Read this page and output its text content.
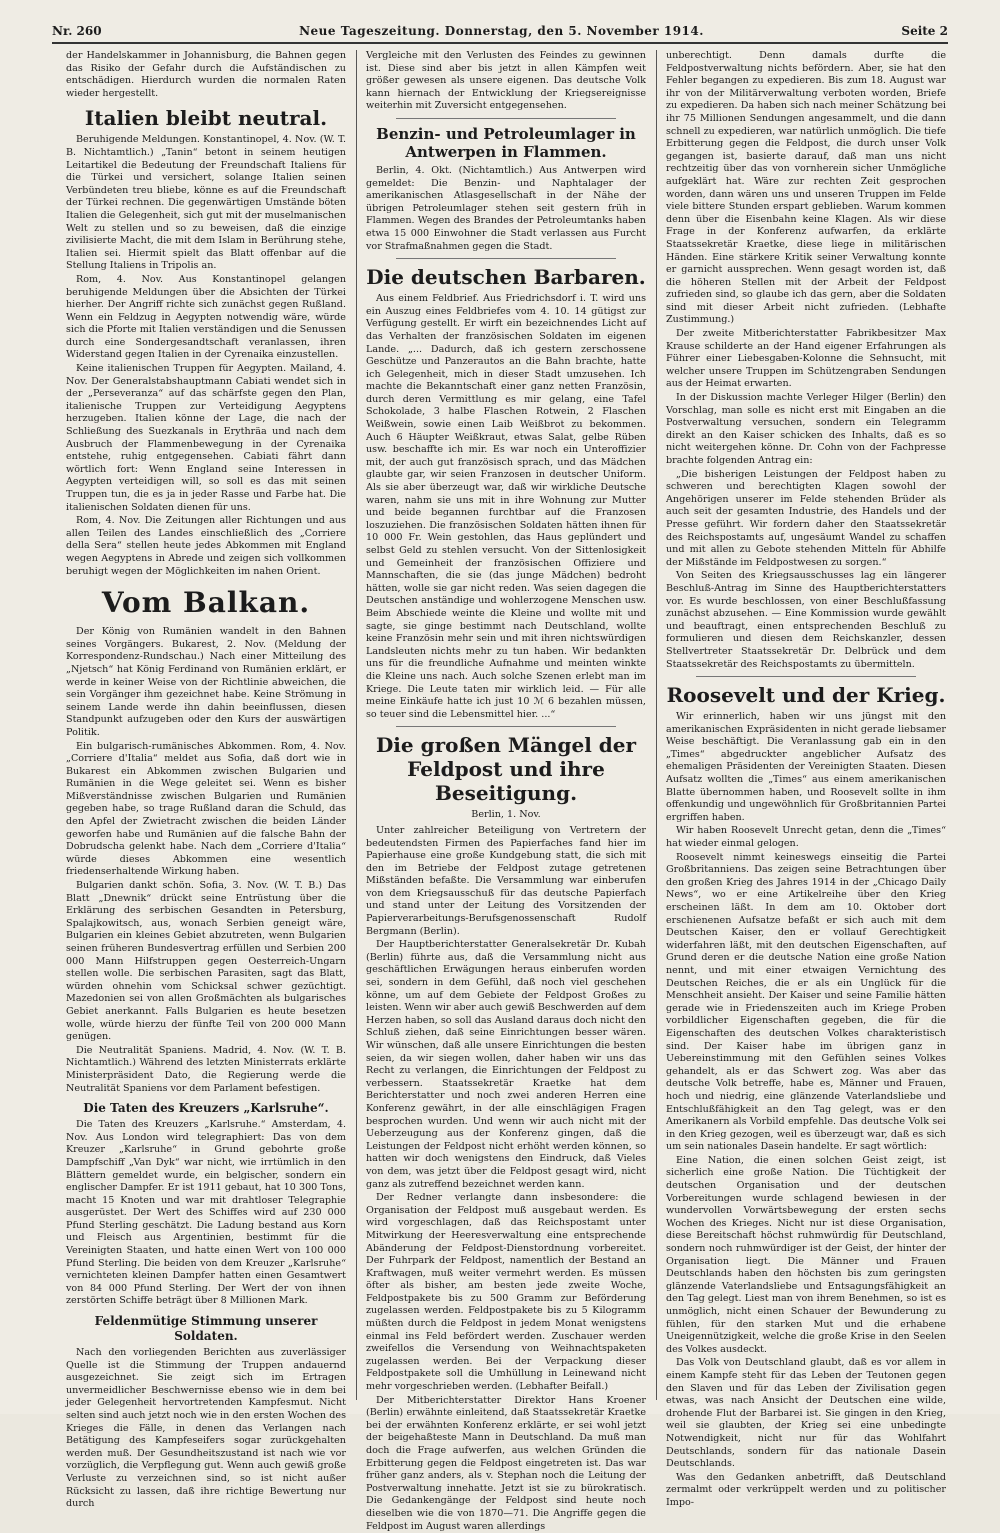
Nr. 260	Neue Tageszeitung. Donnerstag, den 5. November 1914.	Seite 2

der Handelskammer in Johannisburg, die Bahnen gegen das Risiko der Gefahr durch die Aufständischen zu entschädigen. Hierdurch wurden die normalen Raten wieder hergestellt.

Italien bleibt neutral.

Beruhigende Meldungen. Konstantinopel, 4. Nov. (W. T. B. Nichtamtlich.) „Tanin“ betont in seinem heutigen Leitartikel die Bedeutung der Freundschaft Italiens für die Türkei und versichert, solange Italien seinen Verbündeten treu bliebe, könne es auf die Freundschaft der Türkei rechnen. Die gegenwärtigen Umstände böten Italien die Gelegenheit, sich gut mit der muselmanischen Welt zu stellen und so zu beweisen, daß die einzige zivilisierte Macht, die mit dem Islam in Berührung stehe, Italien sei. Hiermit spielt das Blatt offenbar auf die Stellung Italiens in Tripolis an.

Rom, 4. Nov. Aus Konstantinopel gelangen beruhigende Meldungen über die Absichten der Türkei hierher. Der Angriff richte sich zunächst gegen Rußland. Wenn ein Feldzug in Aegypten notwendig wäre, würde sich die Pforte mit Italien verständigen und die Senussen durch eine Sondergesandtschaft veranlassen, ihren Widerstand gegen Italien in der Cyrenaika einzustellen.

Keine italienischen Truppen für Aegypten. Mailand, 4. Nov. Der Generalstabshauptmann Cabiati wendet sich in der „Perseveranza“ auf das schärfste gegen den Plan, italienische Truppen zur Verteidigung Aegyptens herzugeben. Italien könne der Lage, die nach der Schließung des Suezkanals in Erythräa und nach dem Ausbruch der Flammenbewegung in der Cyrenaika entstehe, ruhig entgegensehen. Cabiati fährt dann wörtlich fort: Wenn England seine Interessen in Aegypten verteidigen will, so soll es das mit seinen Truppen tun, die es ja in jeder Rasse und Farbe hat. Die italienischen Soldaten dienen für uns.

Rom, 4. Nov. Die Zeitungen aller Richtungen und aus allen Teilen des Landes einschließlich des „Corriere della Sera“ stellen heute jedes Abkommen mit England wegen Aegyptens in Abrede und zeigen sich vollkommen beruhigt wegen der Möglichkeiten im nahen Orient.

Vom Balkan.

Der König von Rumänien wandelt in den Bahnen seines Vorgängers. Bukarest, 2. Nov. (Meldung der Korrespondenz-Rundschau.) Nach einer Mitteilung des „Njetsch“ hat König Ferdinand von Rumänien erklärt, er werde in keiner Weise von der Richtlinie abweichen, die sein Vorgänger ihm gezeichnet habe. Keine Strömung in seinem Lande werde ihn dahin beeinflussen, diesen Standpunkt aufzugeben oder den Kurs der auswärtigen Politik.

Ein bulgarisch-rumänisches Abkommen. Rom, 4. Nov. „Corriere d'Italia“ meldet aus Sofia, daß dort wie in Bukarest ein Abkommen zwischen Bulgarien und Rumänien in die Wege geleitet sei. Wenn es bisher Mißverständnisse zwischen Bulgarien und Rumänien gegeben habe, so trage Rußland daran die Schuld, das den Apfel der Zwietracht zwischen die beiden Länder geworfen habe und Rumänien auf die falsche Bahn der Dobrudscha gelenkt habe. Nach dem „Corriere d'Italia“ würde dieses Abkommen eine wesentlich friedenserhaltende Wirkung haben.

Bulgarien dankt schön. Sofia, 3. Nov. (W. T. B.) Das Blatt „Dnewnik“ drückt seine Entrüstung über die Erklärung des serbischen Gesandten in Petersburg, Spalajkowitsch, aus, wonach Serbien geneigt wäre, Bulgarien ein kleines Gebiet abzutreten, wenn Bulgarien seinen früheren Bundesvertrag erfüllen und Serbien 200 000 Mann Hilfstruppen gegen Oesterreich-Ungarn stellen wolle. Die serbischen Parasiten, sagt das Blatt, würden ohnehin vom Schicksal schwer gezüchtigt. Mazedonien sei von allen Großmächten als bulgarisches Gebiet anerkannt. Falls Bulgarien es heute besetzen wolle, würde hierzu der fünfte Teil von 200 000 Mann genügen.

Die Neutralität Spaniens. Madrid, 4. Nov. (W. T. B. Nichtamtlich.) Während des letzten Ministerrats erklärte Ministerpräsident Dato, die Regierung werde die Neutralität Spaniens vor dem Parlament befestigen.

Die Taten des Kreuzers „Karlsruhe“.

Die Taten des Kreuzers „Karlsruhe.“ Amsterdam, 4. Nov. Aus London wird telegraphiert: Das von dem Kreuzer „Karlsruhe“ in Grund gebohrte große Dampfschiff „Van Dyk“ war nicht, wie irrtümlich in den Blättern gemeldet wurde, ein belgischer, sondern ein englischer Dampfer. Er ist 1911 gebaut, hat 10 300 Tons, macht 15 Knoten und war mit drahtloser Telegraphie ausgerüstet. Der Wert des Schiffes wird auf 230 000 Pfund Sterling geschätzt. Die Ladung bestand aus Korn und Fleisch aus Argentinien, bestimmt für die Vereinigten Staaten, und hatte einen Wert von 100 000 Pfund Sterling. Die beiden von dem Kreuzer „Karlsruhe“ vernichteten kleinen Dampfer hatten einen Gesamtwert von 84 000 Pfund Sterling. Der Wert der von ihnen zerstörten Schiffe beträgt über 8 Millionen Mark.

Feldenmütige Stimmung unserer Soldaten.

Nach den vorliegenden Berichten aus zuverlässiger Quelle ist die Stimmung der Truppen andauernd ausgezeichnet. Sie zeigt sich im Ertragen unvermeidlicher Beschwernisse ebenso wie in dem bei jeder Gelegenheit hervortretenden Kampfesmut. Nicht selten sind auch jetzt noch wie in den ersten Wochen des Krieges die Fälle, in denen das Verlangen nach Betätigung des Kampfeseifers sogar zurückgehalten werden muß. Der Gesundheitszustand ist nach wie vor vorzüglich, die Verpflegung gut. Wenn auch gewiß große Verluste zu verzeichnen sind, so ist nicht außer Rücksicht zu lassen, daß ihre richtige Bewertung nur durch

Vergleiche mit den Verlusten des Feindes zu gewinnen ist. Diese sind aber bis jetzt in allen Kämpfen weit größer gewesen als unsere eigenen. Das deutsche Volk kann hiernach der Entwicklung der Kriegsereignisse weiterhin mit Zuversicht entgegensehen.

Benzin- und Petroleumlager in Antwerpen in Flammen.

Berlin, 4. Okt. (Nichtamtlich.) Aus Antwerpen wird gemeldet: Die Benzin- und Naphtalager der amerikanischen Atlasgesellschaft in der Nähe der übrigen Petroleumlager stehen seit gestern früh in Flammen. Wegen des Brandes der Petroleumtanks haben etwa 15 000 Einwohner die Stadt verlassen aus Furcht vor Strafmaßnahmen gegen die Stadt.

Die deutschen Barbaren.

Aus einem Feldbrief. Aus Friedrichsdorf i. T. wird uns ein Auszug eines Feldbriefes vom 4. 10. 14 gütigst zur Verfügung gestellt. Er wirft ein bezeichnendes Licht auf das Verhalten der französischen Soldaten im eigenen Lande. „... Dadurch, daß ich gestern zerschossene Geschütze und Panzerautos an die Bahn brachte, hatte ich Gelegenheit, mich in dieser Stadt umzusehen. Ich machte die Bekanntschaft einer ganz netten Französin, durch deren Vermittlung es mir gelang, eine Tafel Schokolade, 3 halbe Flaschen Rotwein, 2 Flaschen Weißwein, sowie einen Laib Weißbrot zu bekommen. Auch 6 Häupter Weißkraut, etwas Salat, gelbe Rüben usw. beschaffte ich mir. Es war noch ein Unteroffizier mit, der auch gut französisch sprach, und das Mädchen glaubte gar, wir seien Franzosen in deutscher Uniform. Als sie aber überzeugt war, daß wir wirkliche Deutsche waren, nahm sie uns mit in ihre Wohnung zur Mutter und beide begannen furchtbar auf die Franzosen loszuziehen. Die französischen Soldaten hätten ihnen für 10 000 Fr. Wein gestohlen, das Haus geplündert und selbst Geld zu stehlen versucht. Von der Sittenlosigkeit und Gemeinheit der französischen Offiziere und Mannschaften, die sie (das junge Mädchen) bedroht hätten, wolle sie gar nicht reden. Was seien dagegen die Deutschen anständige und wohlerzogene Menschen usw. Beim Abschiede weinte die Kleine und wollte mit und sagte, sie ginge bestimmt nach Deutschland, wollte keine Französin mehr sein und mit ihren nichtswürdigen Landsleuten nichts mehr zu tun haben. Wir bedankten uns für die freundliche Aufnahme und meinten winkte die Kleine uns nach. Auch solche Szenen erlebt man im Kriege. Die Leute taten mir wirklich leid. — Für alle meine Einkäufe hatte ich just 10 ℳ 6 bezahlen müssen, so teuer sind die Lebensmittel hier. ...“

Die großen Mängel der Feldpost und ihre Beseitigung.
Berlin, 1. Nov.

Unter zahlreicher Beteiligung von Vertretern der bedeutendsten Firmen des Papierfaches fand hier im Papierhause eine große Kundgebung statt, die sich mit den im Betriebe der Feldpost zutage getretenen Mißständen befaßte. Die Versammlung war einberufen von dem Kriegsausschuß für das deutsche Papierfach und stand unter der Leitung des Vorsitzenden der Papierverarbeitungs-Berufsgenossenschaft Rudolf Bergmann (Berlin).

Der Hauptberichterstatter Generalsekretär Dr. Kubah (Berlin) führte aus, daß die Versammlung nicht aus geschäftlichen Erwägungen heraus einberufen worden sei, sondern in dem Gefühl, daß noch viel geschehen könne, um auf dem Gebiete der Feldpost Großes zu leisten. Wenn wir aber auch gewiß Beschwerden auf dem Herzen haben, so soll das Ausland daraus doch nicht den Schluß ziehen, daß seine Einrichtungen besser wären. Wir wünschen, daß alle unsere Einrichtungen die besten seien, da wir siegen wollen, daher haben wir uns das Recht zu verlangen, die Einrichtungen der Feldpost zu verbessern. Staatssekretär Kraetke hat dem Berichterstatter und noch zwei anderen Herren eine Konferenz gewährt, in der alle einschlägigen Fragen besprochen wurden. Und wenn wir auch nicht mit der Ueberzeugung aus der Konferenz gingen, daß die Leistungen der Feldpost nicht erhöht werden können, so hatten wir doch wenigstens den Eindruck, daß Vieles von dem, was jetzt über die Feldpost gesagt wird, nicht ganz als zutreffend bezeichnet werden kann.

Der Redner verlangte dann insbesondere: die Organisation der Feldpost muß ausgebaut werden. Es wird vorgeschlagen, daß das Reichspostamt unter Mitwirkung der Heeresverwaltung eine entsprechende Abänderung der Feldpost-Dienstordnung vorbereitet. Der Fuhrpark der Feldpost, namentlich der Bestand an Kraftwagen, muß weiter vermehrt werden. Es müssen öfter als bisher, am besten jede zweite Woche, Feldpostpakete bis zu 500 Gramm zur Beförderung zugelassen werden. Feldpostpakete bis zu 5 Kilogramm müßten durch die Feldpost in jedem Monat wenigstens einmal ins Feld befördert werden. Zuschauer werden zweifellos die Versendung von Weihnachtspaketen zugelassen werden. Bei der Verpackung dieser Feldpostpakete soll die Umhüllung in Leinewand nicht mehr vorgeschrieben werden. (Lebhafter Beifall.)

Der Mitberichterstatter Direktor Hans Kroener (Berlin) erwähnte einleitend, daß Staatssekretär Kraetke bei der erwähnten Konferenz erklärte, er sei wohl jetzt der beigehaßteste Mann in Deutschland. Da muß man doch die Frage aufwerfen, aus welchen Gründen die Erbitterung gegen die Feldpost eingetreten ist. Das war früher ganz anders, als v. Stephan noch die Leitung der Postverwaltung innehatte. Jetzt ist sie zu bürokratisch. Die Gedankengänge der Feldpost sind heute noch dieselben wie die von 1870—71. Die Angriffe gegen die Feldpost im August waren allerdings

unberechtigt. Denn damals durfte die Feldpostverwaltung nichts befördern. Aber, sie hat den Fehler begangen zu expedieren. Bis zum 18. August war ihr von der Militärverwaltung verboten worden, Briefe zu expedieren. Da haben sich nach meiner Schätzung bei ihr 75 Millionen Sendungen angesammelt, und die dann schnell zu expedieren, war natürlich unmöglich. Die tiefe Erbitterung gegen die Feldpost, die durch unser Volk gegangen ist, basierte darauf, daß man uns nicht rechtzeitig über das von vornherein sicher Unmögliche aufgeklärt hat. Wäre zur rechten Zeit gesprochen worden, dann wären uns und unseren Truppen im Felde viele bittere Stunden erspart geblieben. Warum kommen denn über die Eisenbahn keine Klagen. Als wir diese Frage in der Konferenz aufwarfen, da erklärte Staatssekretär Kraetke, diese liege in militärischen Händen. Eine stärkere Kritik seiner Verwaltung konnte er garnicht aussprechen. Wenn gesagt worden ist, daß die höheren Stellen mit der Arbeit der Feldpost zufrieden sind, so glaube ich das gern, aber die Soldaten sind mit dieser Arbeit nicht zufrieden. (Lebhafte Zustimmung.)

Der zweite Mitberichterstatter Fabrikbesitzer Max Krause schilderte an der Hand eigener Erfahrungen als Führer einer Liebesgaben-Kolonne die Sehnsucht, mit welcher unsere Truppen im Schützengraben Sendungen aus der Heimat erwarten.

In der Diskussion machte Verleger Hilger (Berlin) den Vorschlag, man solle es nicht erst mit Eingaben an die Postverwaltung versuchen, sondern ein Telegramm direkt an den Kaiser schicken des Inhalts, daß es so nicht weitergehen könne. Dr. Cohn von der Fachpresse brachte folgenden Antrag ein:

„Die bisherigen Leistungen der Feldpost haben zu schweren und berechtigten Klagen sowohl der Angehörigen unserer im Felde stehenden Brüder als auch seit der gesamten Industrie, des Handels und der Presse geführt. Wir fordern daher den Staatssekretär des Reichspostamts auf, ungesäumt Wandel zu schaffen und mit allen zu Gebote stehenden Mitteln für Abhilfe der Mißstände im Feldpostwesen zu sorgen.“

Von Seiten des Kriegsausschusses lag ein längerer Beschluß-Antrag im Sinne des Hauptberichterstatters vor. Es wurde beschlossen, von einer Beschlußfassung zunächst abzusehen. — Eine Kommission wurde gewählt und beauftragt, einen entsprechenden Beschluß zu formulieren und diesen dem Reichskanzler, dessen Stellvertreter Staatssekretär Dr. Delbrück und dem Staatssekretär des Reichspostamts zu übermitteln.

Roosevelt und der Krieg.

Wir erinnerlich, haben wir uns jüngst mit den amerikanischen Expräsidenten in nicht gerade liebsamer Weise beschäftigt. Die Veranlassung gab ein in den „Times“ abgedruckter angeblicher Aufsatz des ehemaligen Präsidenten der Vereinigten Staaten. Diesen Aufsatz wollten die „Times“ aus einem amerikanischen Blatte übernommen haben, und Roosevelt sollte in ihm offenkundig und ungewöhnlich für Großbritannien Partei ergriffen haben.

Wir haben Roosevelt Unrecht getan, denn die „Times“ hat wieder einmal gelogen.

Roosevelt nimmt keineswegs einseitig die Partei Großbritanniens. Das zeigen seine Betrachtungen über den großen Krieg des Jahres 1914 in der „Chicago Daily News“, wo er eine Artikelreihe über den Krieg erscheinen läßt. In dem am 10. Oktober dort erschienenen Aufsatze befaßt er sich auch mit dem Deutschen Kaiser, den er vollauf Gerechtigkeit widerfahren läßt, mit den deutschen Eigenschaften, auf Grund deren er die deutsche Nation eine große Nation nennt, und mit einer etwaigen Vernichtung des Deutschen Reiches, die er als ein Unglück für die Menschheit ansieht. Der Kaiser und seine Familie hätten gerade wie in Friedenszeiten auch im Kriege Proben vorbildlicher Eigenschaften gegeben, die für die Eigenschaften des deutschen Volkes charakteristisch sind. Der Kaiser habe im übrigen ganz in Uebereinstimmung mit den Gefühlen seines Volkes gehandelt, als er das Schwert zog. Was aber das deutsche Volk betreffe, habe es, Männer und Frauen, hoch und niedrig, eine glänzende Vaterlandsliebe und Entschlußfähigkeit an den Tag gelegt, was er den Amerikanern als Vorbild empfehle. Das deutsche Volk sei in den Krieg gezogen, weil es überzeugt war, daß es sich um sein nationales Dasein handelte. Er sagt wörtlich:

Eine Nation, die einen solchen Geist zeigt, ist sicherlich eine große Nation. Die Tüchtigkeit der deutschen Organisation und der deutschen Vorbereitungen wurde schlagend bewiesen in der wundervollen Vorwärtsbewegung der ersten sechs Wochen des Krieges. Nicht nur ist diese Organisation, diese Bereitschaft höchst ruhmwürdig für Deutschland, sondern noch ruhmwürdiger ist der Geist, der hinter der Organisation liegt. Die Männer und Frauen Deutschlands haben den höchsten bis zum geringsten glänzende Vaterlandsliebe und Entsagungsfähigkeit an den Tag gelegt. Liest man von ihrem Benehmen, so ist es unmöglich, nicht einen Schauer der Bewunderung zu fühlen, für den starken Mut und die erhabene Uneigennützigkeit, welche die große Krise in den Seelen des Volkes ausdeckt.

Das Volk von Deutschland glaubt, daß es vor allem in einem Kampfe steht für das Leben der Teutonen gegen den Slaven und für das Leben der Zivilisation gegen etwas, was nach Ansicht der Deutschen eine wilde, drohende Flut der Barbarei ist. Sie gingen in den Krieg, weil sie glaubten, der Krieg sei eine unbedingte Notwendigkeit, nicht nur für das Wohlfahrt Deutschlands, sondern für das nationale Dasein Deutschlands.

Was den Gedanken anbetrifft, daß Deutschland zermalmt oder verkrüppelt werden und zu politischer Impo-
